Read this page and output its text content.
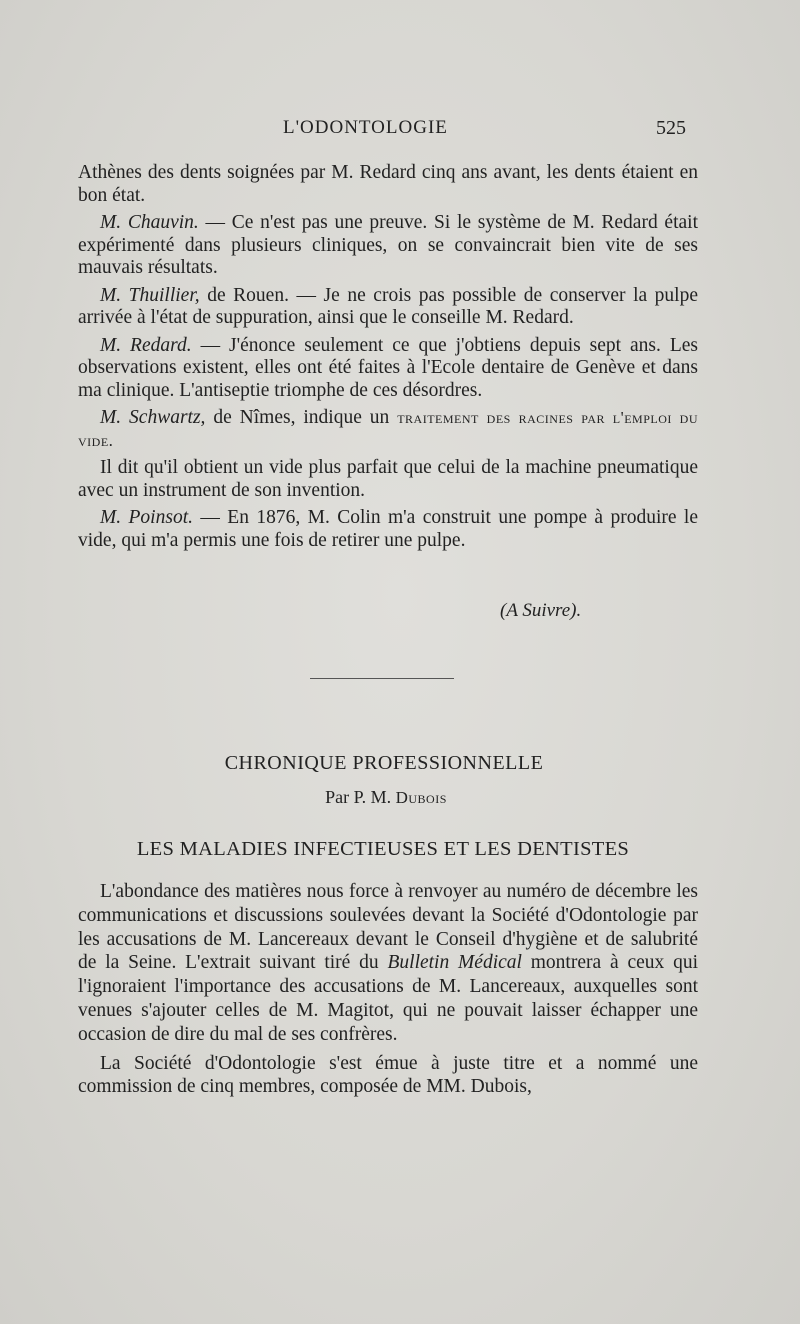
L'ODONTOLOGIE	525

Athènes des dents soignées par M. Redard cinq ans avant, les dents étaient en bon état.

M. Chauvin. — Ce n'est pas une preuve. Si le système de M. Redard était expérimenté dans plusieurs cliniques, on se convaincrait bien vite de ses mauvais résultats.

M. Thuillier, de Rouen. — Je ne crois pas possible de conserver la pulpe arrivée à l'état de suppuration, ainsi que le conseille M. Redard.

M. Redard. — J'énonce seulement ce que j'obtiens depuis sept ans. Les observations existent, elles ont été faites à l'Ecole dentaire de Genève et dans ma clinique. L'antiseptie triomphe de ces désordres.

M. Schwartz, de Nîmes, indique un traitement des racines par l'emploi du vide.

Il dit qu'il obtient un vide plus parfait que celui de la machine pneumatique avec un instrument de son invention.

M. Poinsot. — En 1876, M. Colin m'a construit une pompe à produire le vide, qui m'a permis une fois de retirer une pulpe.

(A Suivre).
CHRONIQUE PROFESSIONNELLE
Par P. M. Dubois
LES MALADIES INFECTIEUSES ET LES DENTISTES

L'abondance des matières nous force à renvoyer au numéro de décembre les communications et discussions soulevées devant la Société d'Odontologie par les accusations de M. Lancereaux devant le Conseil d'hygiène et de salubrité de la Seine. L'extrait suivant tiré du Bulletin Médical montrera à ceux qui l'ignoraient l'importance des accusations de M. Lancereaux, auxquelles sont venues s'ajouter celles de M. Magitot, qui ne pouvait laisser échapper une occasion de dire du mal de ses confrères.

La Société d'Odontologie s'est émue à juste titre et a nommé une commission de cinq membres, composée de MM. Dubois,
